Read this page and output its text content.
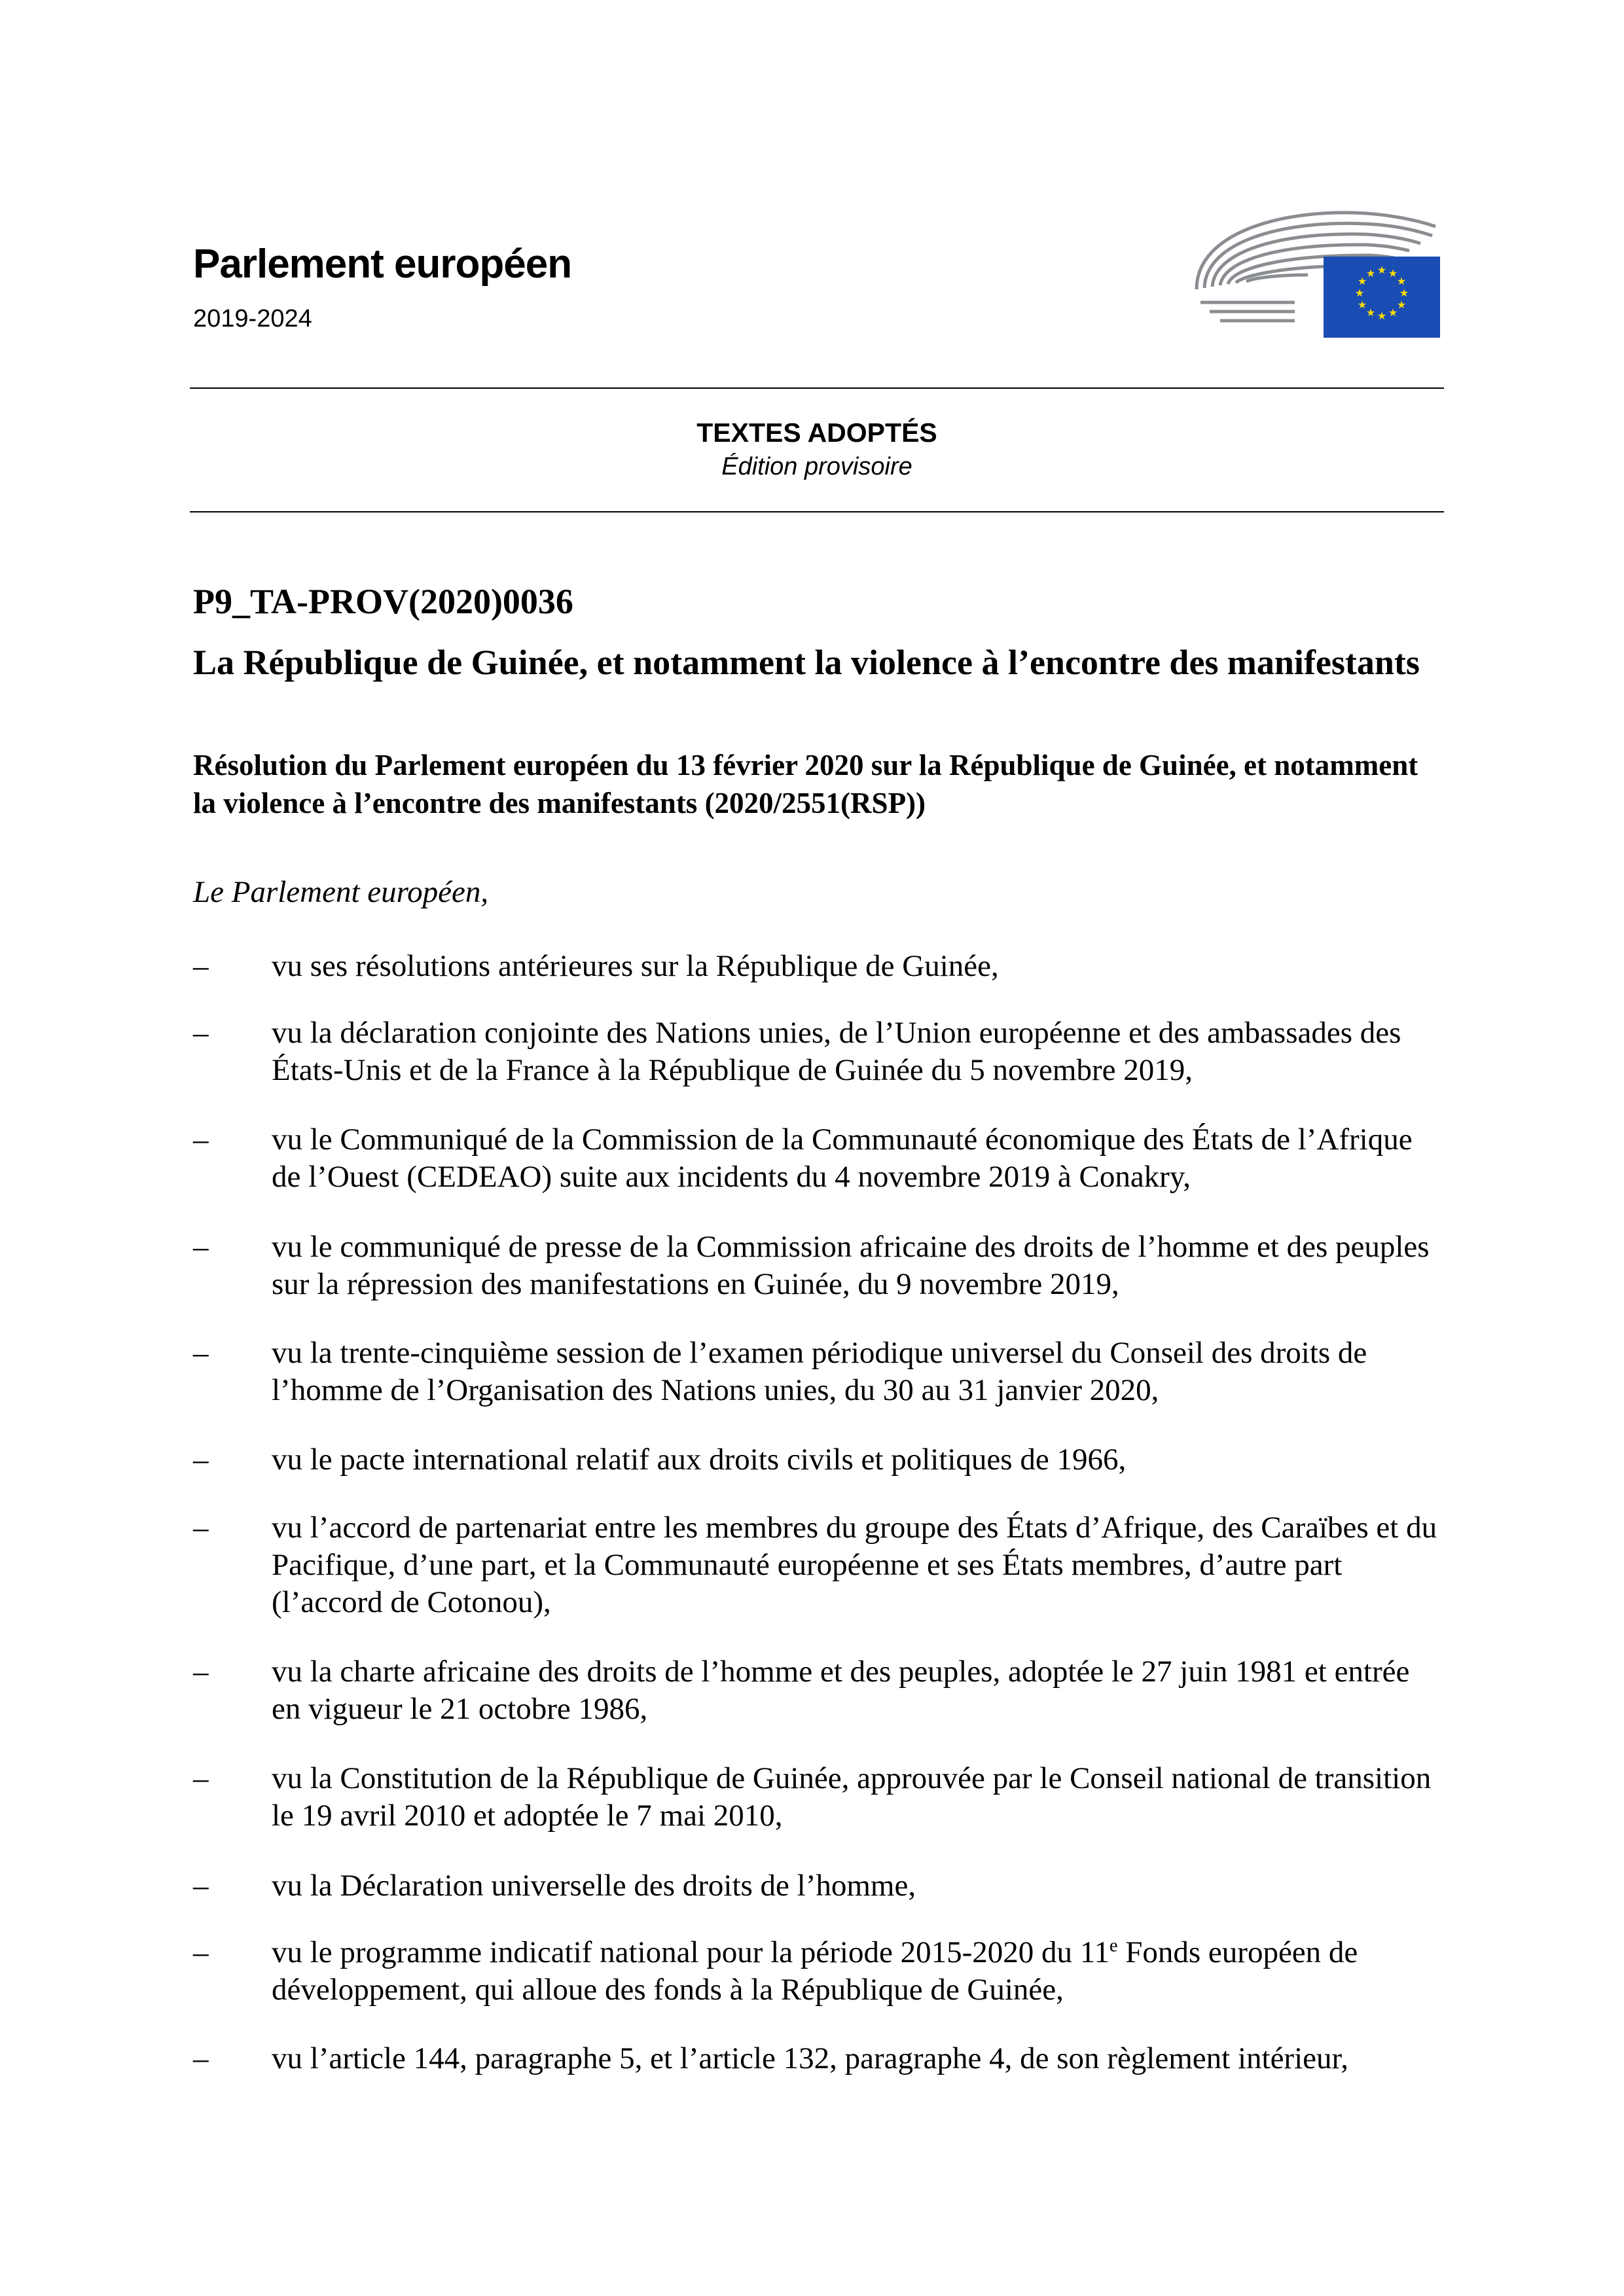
Parlement européen
2019-2024
★ ★
★
★
★
★
★
★
★
★
★
★
TEXTES ADOPTÉS
Édition provisoire
P9_TA-PROV(2020)0036
La République de Guinée, et notamment la violence à l’encontre des manifestants
Résolution du Parlement européen du 13 février 2020 sur la République de Guinée, et notamment la violence à l’encontre des manifestants (2020/2551(RSP))
Le Parlement européen,
–	vu ses résolutions antérieures sur la République de Guinée,
–	vu la déclaration conjointe des Nations unies, de l’Union européenne et des ambassades des États-Unis et de la France à la République de Guinée du 5 novembre 2019,
–	vu le Communiqué de la Commission de la Communauté économique des États de l’Afrique de l’Ouest (CEDEAO) suite aux incidents du 4 novembre 2019 à Conakry,
–	vu le communiqué de presse de la Commission africaine des droits de l’homme et des peuples sur la répression des manifestations en Guinée, du 9 novembre 2019,
–	vu la trente-cinquième session de l’examen périodique universel du Conseil des droits de l’homme de l’Organisation des Nations unies, du 30 au 31 janvier 2020,
–	vu le pacte international relatif aux droits civils et politiques de 1966,
–	vu l’accord de partenariat entre les membres du groupe des États d’Afrique, des Caraïbes et du Pacifique, d’une part, et la Communauté européenne et ses États membres, d’autre part (l’accord de Cotonou),
–	vu la charte africaine des droits de l’homme et des peuples, adoptée le 27 juin 1981 et entrée en vigueur le 21 octobre 1986,
–	vu la Constitution de la République de Guinée, approuvée par le Conseil national de transition le 19 avril 2010 et adoptée le 7 mai 2010,
–	vu la Déclaration universelle des droits de l’homme,
–	vu le programme indicatif national pour la période 2015-2020 du 11e Fonds européen de développement, qui alloue des fonds à la République de Guinée,
–	vu l’article 144, paragraphe 5, et l’article 132, paragraphe 4, de son règlement intérieur,
